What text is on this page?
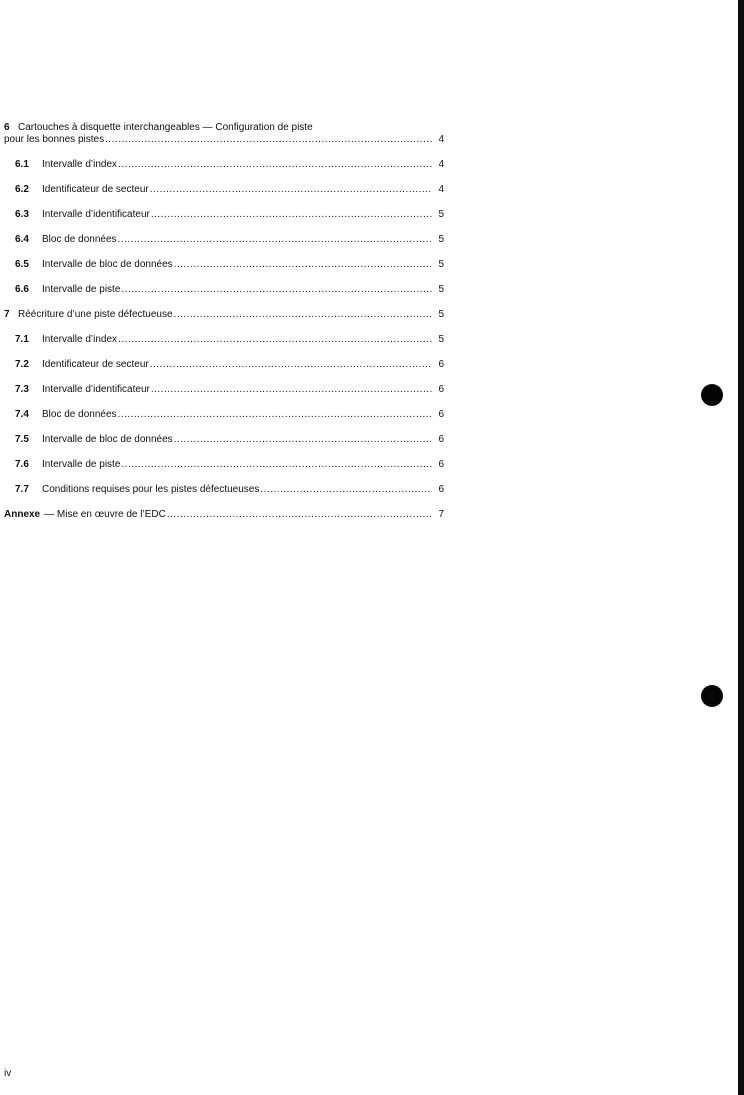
6 Cartouches à disquette interchangeables — Configuration de piste
pour les bonnes pistes .....	4
6.1	Intervalle d’index .....	4
6.2	Identificateur de secteur .....	4
6.3	Intervalle d’identificateur .....	5
6.4	Bloc de données .....	5
6.5	Intervalle de bloc de données .....	5
6.6	Intervalle de piste .....	5
7 Réécriture d’une piste défectueuse .....	5
7.1	Intervalle d’index .....	5
7.2	Identificateur de secteur .....	6
7.3	Intervalle d’identificateur .....	6
7.4	Bloc de données .....	6
7.5	Intervalle de bloc de données .....	6
7.6	Intervalle de piste .....	6
7.7	Conditions requises pour les pistes défectueuses .....	6
Annexe — Mise en œuvre de l’EDC .....	7
iv
